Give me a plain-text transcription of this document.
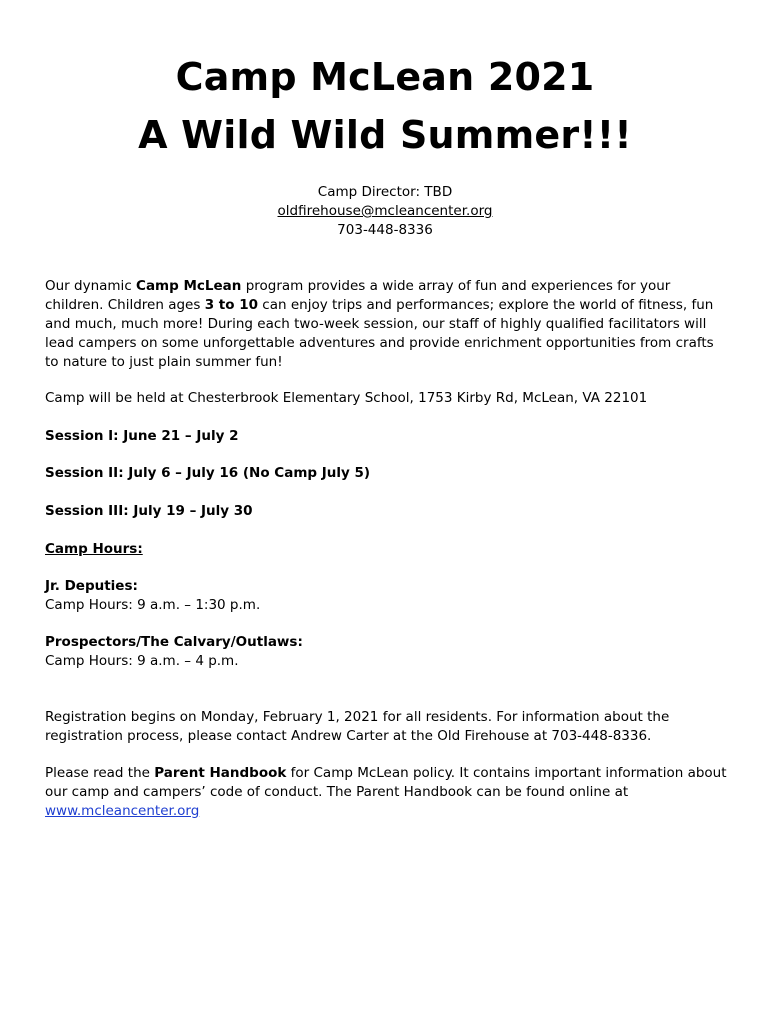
Camp McLean 2021
A Wild Wild Summer!!!
Camp Director: TBD
oldfirehouse@mcleancenter.org
703-448-8336

Our dynamic Camp McLean program provides a wide array of fun and experiences for your children. Children ages 3 to 10 can enjoy trips and performances; explore the world of fitness, fun and much, much more! During each two-week session, our staff of highly qualified facilitators will lead campers on some unforgettable adventures and provide enrichment opportunities from crafts to nature to just plain summer fun!

Camp will be held at Chesterbrook Elementary School, 1753 Kirby Rd, McLean, VA 22101

Session I: June 21 – July 2

Session II: July 6 – July 16 (No Camp July 5)

Session III: July 19 – July 30

Camp Hours:

Jr. Deputies:
Camp Hours: 9 a.m. – 1:30 p.m.
Prospectors/The Calvary/Outlaws:
Camp Hours: 9 a.m. – 4 p.m.

Registration begins on Monday, February 1, 2021 for all residents. For information about the registration process, please contact Andrew Carter at the Old Firehouse at 703-448-8336.

Please read the Parent Handbook for Camp McLean policy. It contains important information about our camp and campers’ code of conduct. The Parent Handbook can be found online at www.mcleancenter.org
